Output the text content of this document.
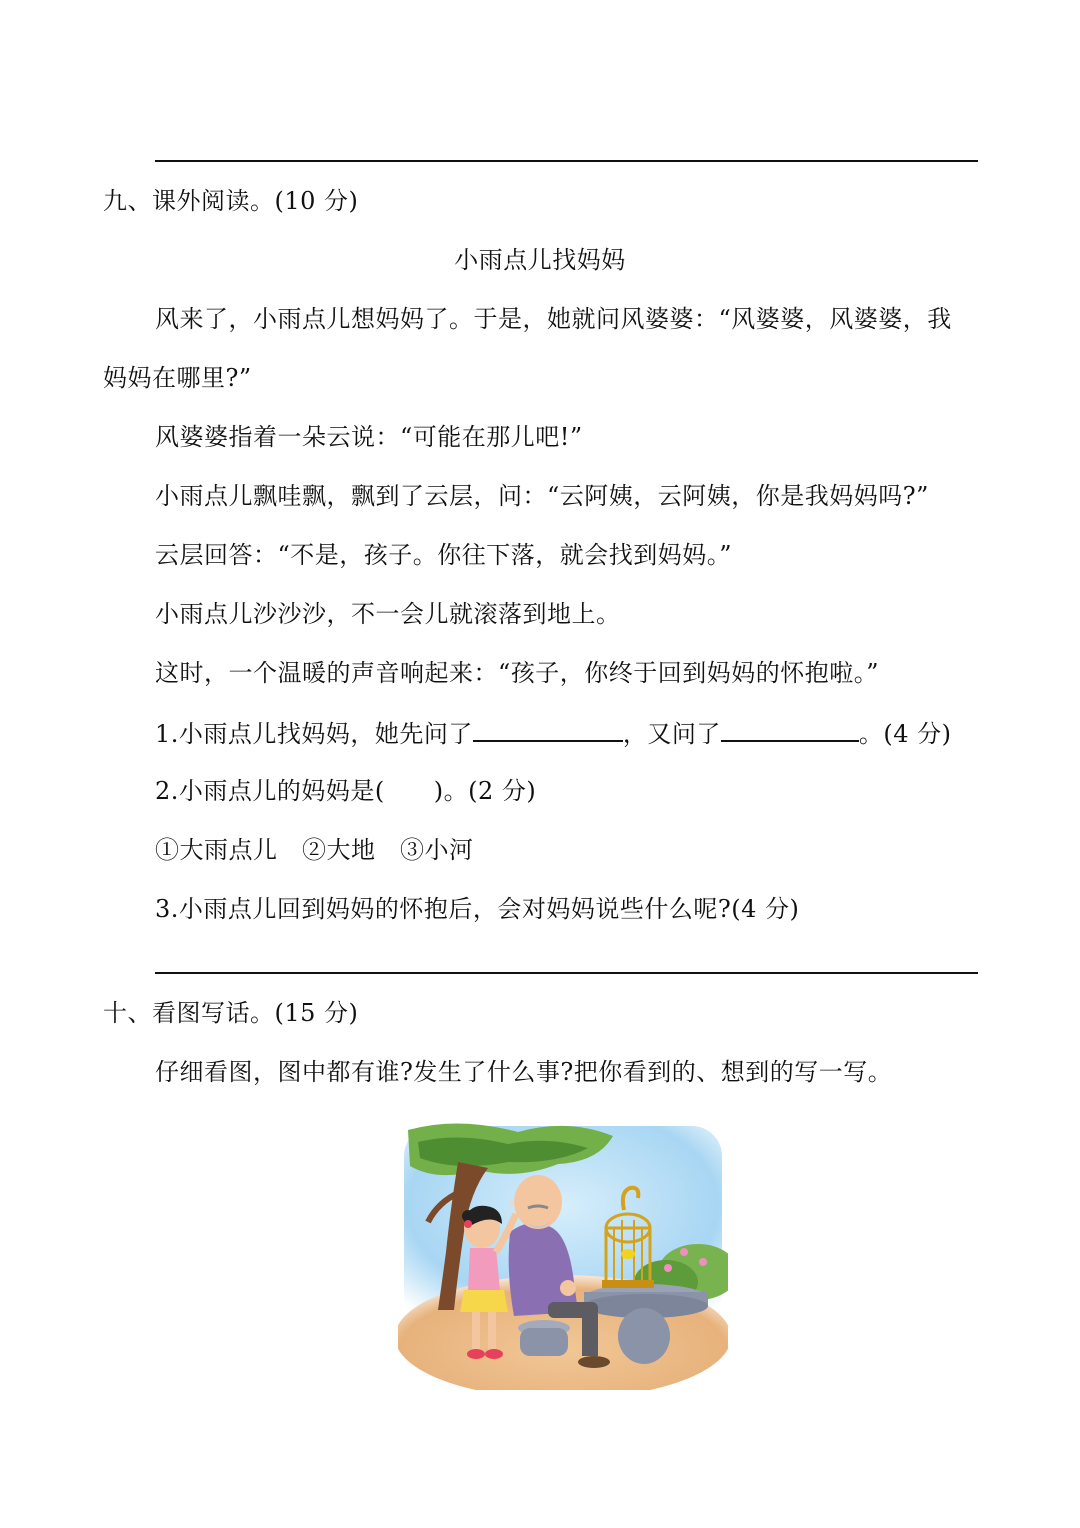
九、课外阅读。(10 分)
小雨点儿找妈妈
风来了，小雨点儿想妈妈了。于是，她就问风婆婆：“风婆婆，风婆婆，我
妈妈在哪里?”
风婆婆指着一朵云说：“可能在那儿吧!”
小雨点儿飘哇飘，飘到了云层，问：“云阿姨，云阿姨，你是我妈妈吗?”
云层回答：“不是，孩子。你往下落，就会找到妈妈。”
小雨点儿沙沙沙，不一会儿就滚落到地上。
这时，一个温暖的声音响起来：“孩子，你终于回到妈妈的怀抱啦。”
1.小雨点儿找妈妈，她先问了	，又问了	。(4 分)
2.小雨点儿的妈妈是(　　)。(2 分)
①大雨点儿　②大地　③小河
3.小雨点儿回到妈妈的怀抱后，会对妈妈说些什么呢?(4 分)
十、看图写话。(15 分)
仔细看图，图中都有谁?发生了什么事?把你看到的、想到的写一写。
